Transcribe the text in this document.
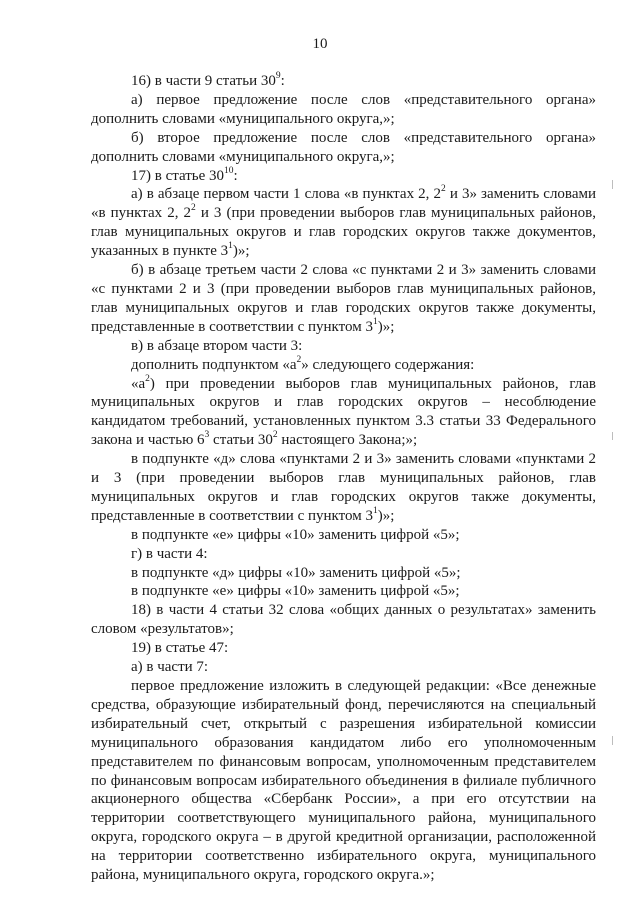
10

16) в части 9 статьи $30^9$:

а) первое предложение после слов «представительного органа» дополнить словами «муниципального округа,»;

б) второе предложение после слов «представительного органа» дополнить словами «муниципального округа,»;

17) в статье $30^{10}$:

а) в абзаце первом части 1 слова «в пунктах 2, $2^2$ и 3» заменить словами «в пунктах 2, $2^2$ и 3 (при проведении выборов глав муниципальных районов, глав муниципальных округов и глав городских округов также документов, указанных в пункте $3^1$)»;

б) в абзаце третьем части 2 слова «с пунктами 2 и 3» заменить словами «с пунктами 2 и 3 (при проведении выборов глав муниципальных районов, глав муниципальных округов и глав городских округов также документы, представленные в соответствии с пунктом $3^1$)»;

в) в абзаце втором части 3:

дополнить подпунктом «$а^2$» следующего содержания:

«$а^2$) при проведении выборов глав муниципальных районов, глав муниципальных округов и глав городских округов – несоблюдение кандидатом требований, установленных пунктом 3.3 статьи 33 Федерального закона и частью $6^3$ статьи $30^2$ настоящего Закона;»;

в подпункте «д» слова «пунктами 2 и 3» заменить словами «пунктами 2 и 3 (при проведении выборов глав муниципальных районов, глав муниципальных округов и глав городских округов также документы, представленные в соответствии с пунктом $3^1$)»;

в подпункте «е» цифры «10» заменить цифрой «5»;

г) в части 4:

в подпункте «д» цифры «10» заменить цифрой «5»;

в подпункте «е» цифры «10» заменить цифрой «5»;

18) в части 4 статьи 32 слова «общих данных о результатах» заменить словом «результатов»;

19) в статье 47:

а) в части 7:

первое предложение изложить в следующей редакции: «Все денежные средства, образующие избирательный фонд, перечисляются на специальный избирательный счет, открытый с разрешения избирательной комиссии муниципального образования кандидатом либо его уполномоченным представителем по финансовым вопросам, уполномоченным представителем по финансовым вопросам избирательного объединения в филиале публичного акционерного общества «Сбербанк России», а при его отсутствии на территории соответствующего муниципального района, муниципального округа, городского округа – в другой кредитной организации, расположенной на территории соответственно избирательного округа, муниципального района, муниципального округа, городского округа.»;
